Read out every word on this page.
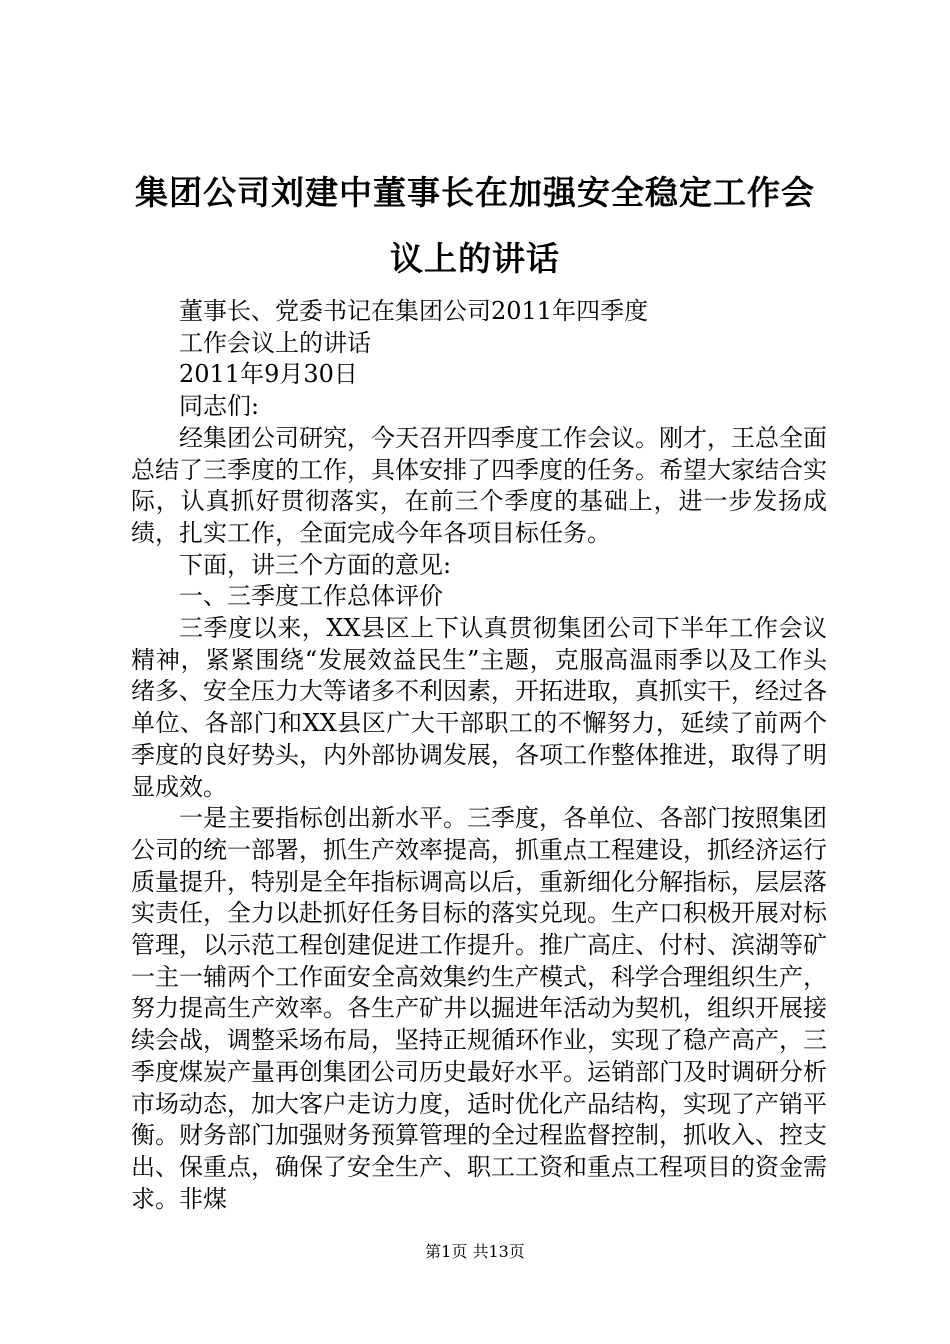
集团公司刘建中董事长在加强安全稳定工作会议上的讲话

董事长、党委书记在集团公司2011年四季度

工作会议上的讲话

2011年9月30日

同志们:

经集团公司研究，今天召开四季度工作会议。刚才，王总全面总结了三季度的工作，具体安排了四季度的任务。希望大家结合实际，认真抓好贯彻落实，在前三个季度的基础上，进一步发扬成绩，扎实工作，全面完成今年各项目标任务。

下面，讲三个方面的意见:

一、三季度工作总体评价

三季度以来，XX县区上下认真贯彻集团公司下半年工作会议精神，紧紧围绕“发展效益民生”主题，克服高温雨季以及工作头绪多、安全压力大等诸多不利因素，开拓进取，真抓实干，经过各单位、各部门和XX县区广大干部职工的不懈努力，延续了前两个季度的良好势头，内外部协调发展，各项工作整体推进，取得了明显成效。

一是主要指标创出新水平。三季度，各单位、各部门按照集团公司的统一部署，抓生产效率提高，抓重点工程建设，抓经济运行质量提升，特别是全年指标调高以后，重新细化分解指标，层层落实责任，全力以赴抓好任务目标的落实兑现。生产口积极开展对标管理，以示范工程创建促进工作提升。推广高庄、付村、滨湖等矿一主一辅两个工作面安全高效集约生产模式，科学合理组织生产，努力提高生产效率。各生产矿井以掘进年活动为契机，组织开展接续会战，调整采场布局，坚持正规循环作业，实现了稳产高产，三季度煤炭产量再创集团公司历史最好水平。运销部门及时调研分析市场动态，加大客户走访力度，适时优化产品结构，实现了产销平衡。财务部门加强财务预算管理的全过程监督控制，抓收入、控支出、保重点，确保了安全生产、职工工资和重点工程项目的资金需求。非煤

第1页 共13页
